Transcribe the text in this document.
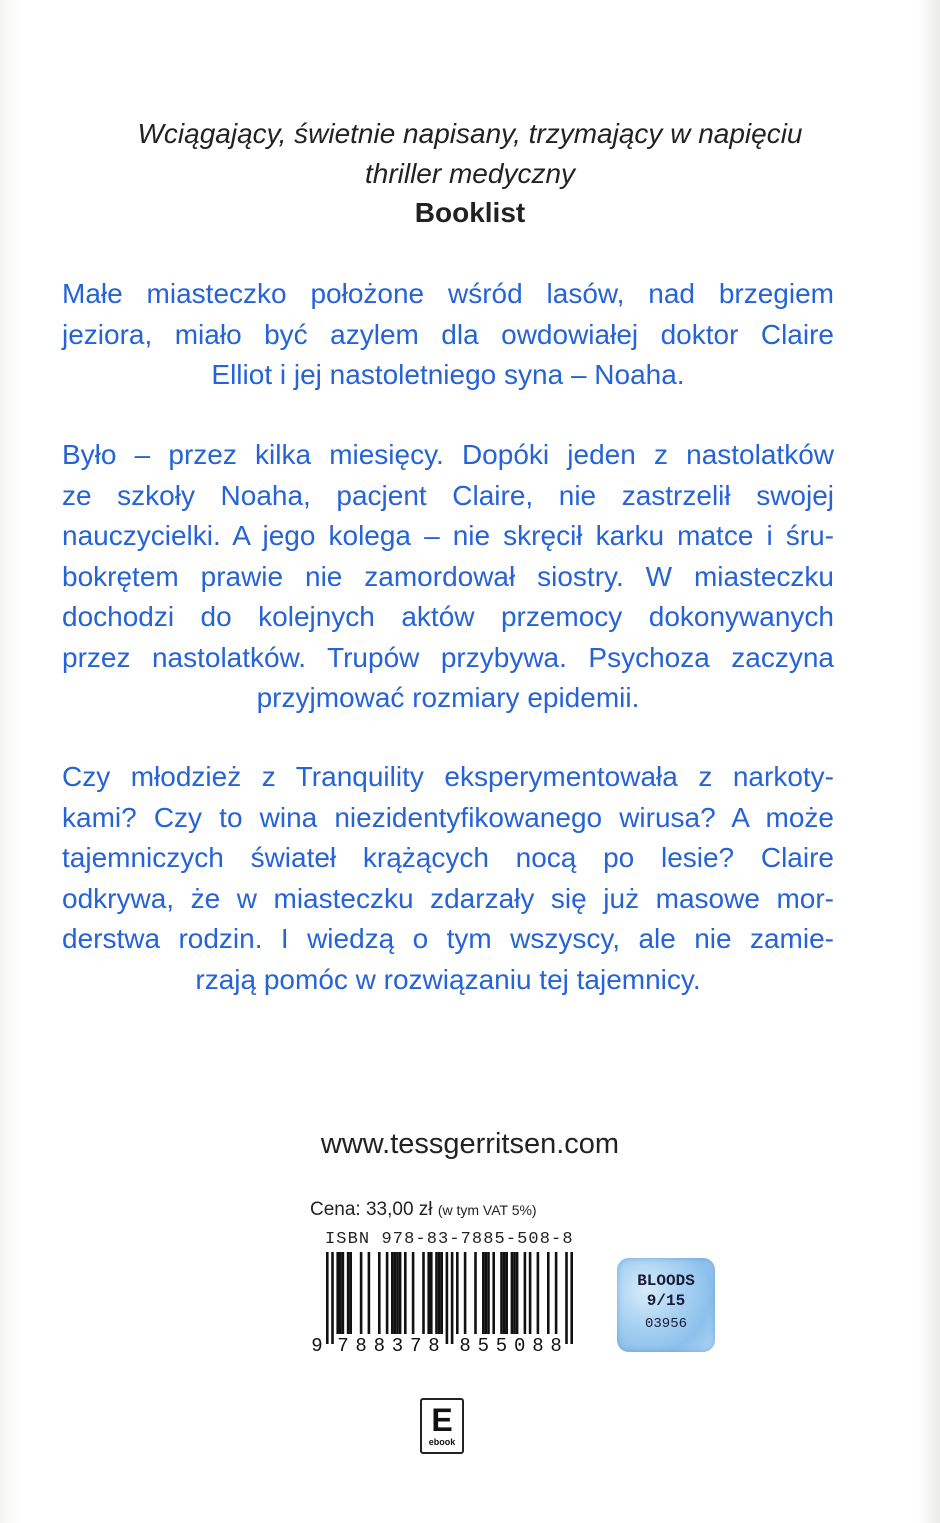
Wciągający, świetnie napisany, trzymający w napięciu
thriller medyczny
Booklist
Małe miasteczko położone wśród lasów, nad brzegiem
jeziora, miało być azylem dla owdowiałej doktor Claire
Elliot i jej nastoletniego syna – Noaha.
Było – przez kilka miesięcy. Dopóki jeden z nastolatków
ze szkoły Noaha, pacjent Claire, nie zastrzelił swojej
nauczycielki. A jego kolega – nie skręcił karku matce i śru-
bokrętem prawie nie zamordował siostry. W miasteczku
dochodzi do kolejnych aktów przemocy dokonywanych
przez nastolatków. Trupów przybywa. Psychoza zaczyna
przyjmować rozmiary epidemii.
Czy młodzież z Tranquility eksperymentowała z narkoty-
kami? Czy to wina niezidentyfikowanego wirusa? A może
tajemniczych świateł krążących nocą po lesie? Claire
odkrywa, że w miasteczku zdarzały się już masowe mor-
derstwa rodzin. I wiedzą o tym wszyscy, ale nie zamie-
rzają pomóc w rozwiązaniu tej tajemnicy.
www.tessgerritsen.com
Cena: 33,00 zł (w tym VAT 5%)
ISBN 978-83-7885-508-8
9 7 8 8 3 7 8 8 5 5 0 8 8
BLOODS
9/15
03956
E
ebook
